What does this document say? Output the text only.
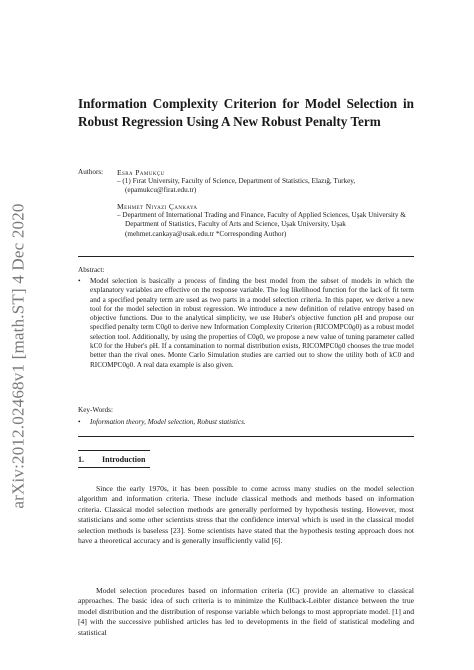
arXiv:2012.02468v1 [math.ST] 4 Dec 2020
Information Complexity Criterion for Model Selection in Robust Regression Using A New Robust Penalty Term
Authors: Esra Pamukçu
– (1) Fırat University, Faculty of Science, Department of Statistics, Elazığ, Turkey,
(epamukcu@firat.edu.tr)
Mehmet Niyazi Çankaya
– Department of International Trading and Finance, Faculty of Applied Sciences, Uşak University &
Department of Statistics, Faculty of Arts and Science, Uşak University, Uşak
(mehmet.cankaya@usak.edu.tr *Corresponding Author)
Abstract:
•	Model selection is basically a process of finding the best model from the subset of models in which the explanatory variables are effective on the response variable. The log likelihood function for the lack of fit term and a specified penalty term are used as two parts in a model selection criteria. In this paper, we derive a new tool for the model selection in robust regression. We introduce a new definition of relative entropy based on objective functions. Due to the analytical simplicity, we use Huber's objective function ρH and propose our specified penalty term C0ϱ0 to derive new Information Complexity Criterion (RICOMPC0ϱ0) as a robust model selection tool. Additionally, by using the properties of C0ϱ0, we propose a new value of tuning parameter called kC0 for the Huber's ρH. If a contamination to normal distribution exists, RICOMPC0ϱ0 chooses the true model better than the rival ones. Monte Carlo Simulation studies are carried out to show the utility both of kC0 and RICOMPC0ϱ0. A real data example is also given.
Key-Words:
•	Information theory, Model selection, Robust statistics.
1.	Introduction
Since the early 1970s, it has been possible to come across many studies on the model selection algorithm and information criteria. These include classical methods and methods based on information criteria. Classical model selection methods are generally performed by hypothesis testing. However, most statisticians and some other scientists stress that the confidence interval which is used in the classical model selection methods is baseless [23]. Some scientists have stated that the hypothesis testing approach does not have a theoretical accuracy and is generally insufficiently valid [6].
Model selection procedures based on information criteria (IC) provide an alternative to classical approaches. The basic idea of such criteria is to minimize the Kullback-Leibler distance between the true model distribution and the distribution of response variable which belongs to most appropriate model. [1] and [4] with the successive published articles has led to developments in the field of statistical modeling and statistical
